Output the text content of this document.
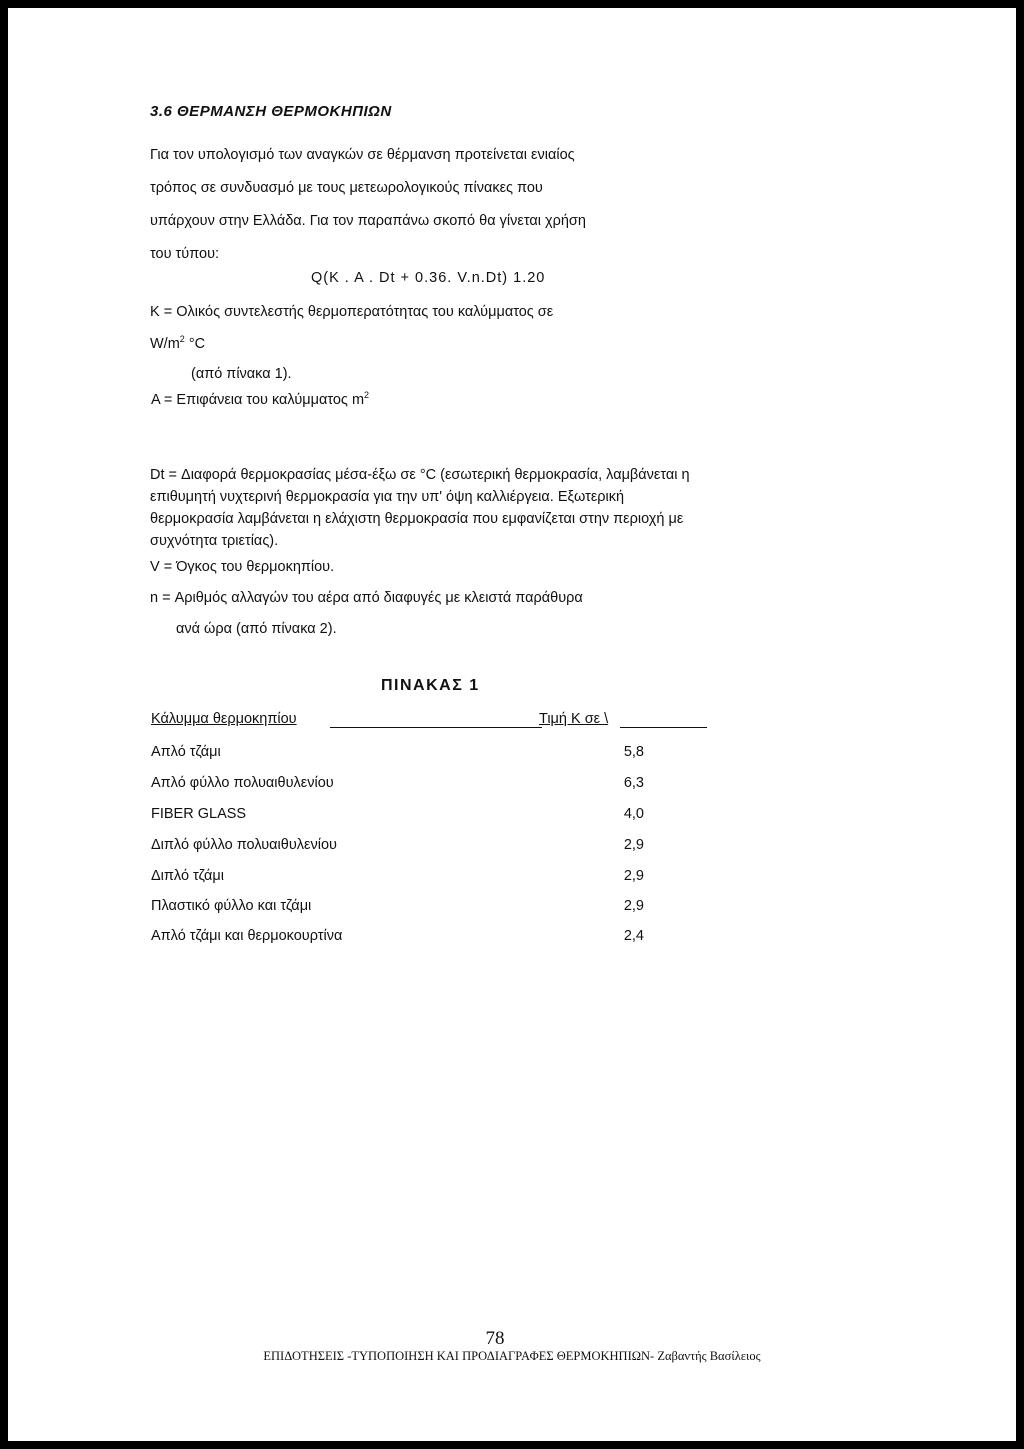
3.6 ΘΕΡΜΑΝΣΗ ΘΕΡΜΟΚΗΠΙΩΝ
Για τον υπολογισμό των αναγκών σε θέρμανση προτείνεται ενιαίος
τρόπος σε συνδυασμό με τους μετεωρολογικούς πίνακες που
υπάρχουν στην Ελλάδα. Για τον παραπάνω σκοπό θα γίνεται χρήση
του τύπου:
Q(K . A . Dt + 0.36. V.n.Dt) 1.20
K = Ολικός συντελεστής θερμοπερατότητας του καλύμματος σε
$W/m^2$ °C
(από πίνακα 1).
A = Επιφάνεια του καλύμματος $m^2$
Dt = Διαφορά θερμοκρασίας μέσα-έξω σε °C (εσωτερική θερμοκρασία, λαμβάνεται η
επιθυμητή νυχτερινή θερμοκρασία για την υπ' όψη καλλιέργεια. Εξωτερική
θερμοκρασία λαμβάνεται η ελάχιστη θερμοκρασία που εμφανίζεται στην περιοχή με
συχνότητα τριετίας).
V = Όγκος του θερμοκηπίου.
n = Αριθμός αλλαγών του αέρα από διαφυγές με κλειστά παράθυρα
ανά ώρα (από πίνακα 2).
ΠΙΝΑΚΑΣ 1
Κάλυμμα θερμοκηπίου	Τιμή K σε \
Απλό τζάμι	5,8
Απλό φύλλο πολυαιθυλενίου	6,3
FIBER GLASS	4,0
Διπλό φύλλο πολυαιθυλενίου	2,9
Διπλό τζάμι	2,9
Πλαστικό φύλλο και τζάμι	2,9
Απλό τζάμι και θερμοκουρτίνα	2,4
78
ΕΠΙΔΟΤΗΣΕΙΣ -ΤΥΠΟΠΟΙΗΣΗ ΚΑΙ ΠΡΟΔΙΑΓΡΑΦΕΣ ΘΕΡΜΟΚΗΠΙΩΝ- Ζαβαντής Βασίλειος
